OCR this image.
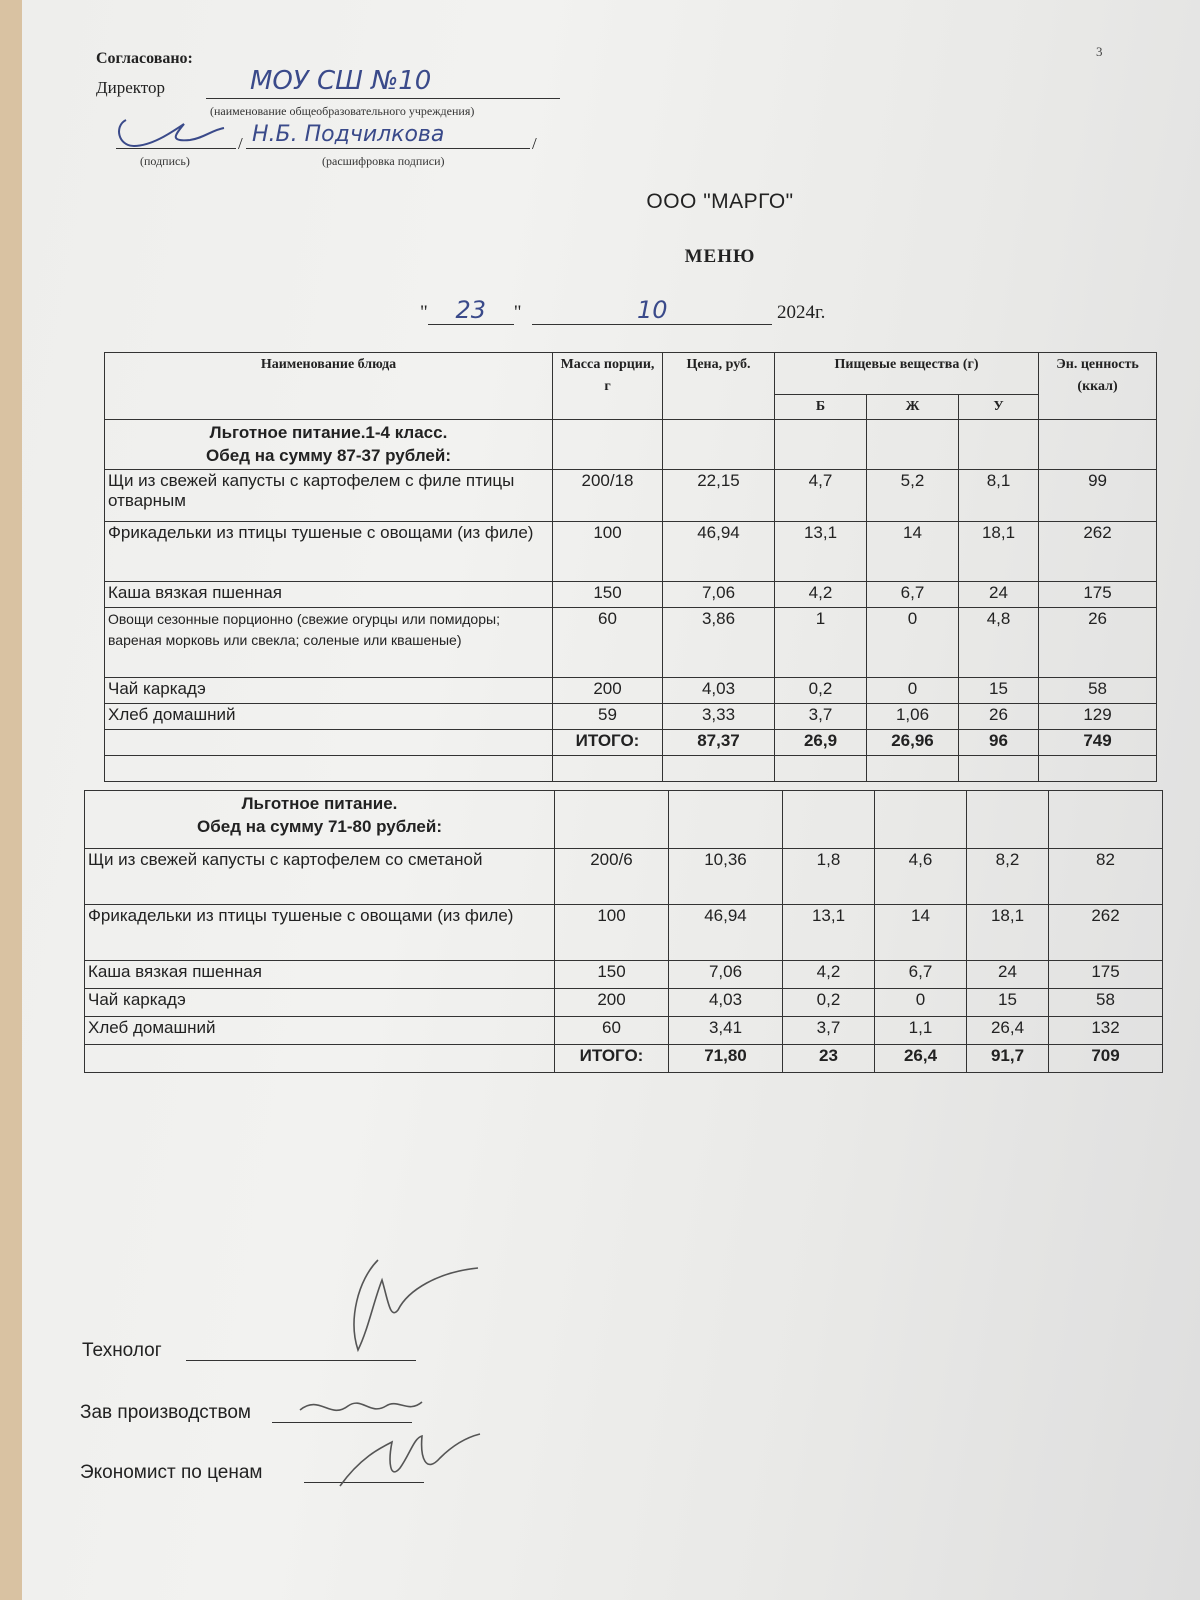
3
Согласовано:
Директор	МОУ СШ №10
(наименование общеобразовательного учреждения)
/ Н.Б. Подчилкова	/
(подпись)	(расшифровка подписи)
ООО "МАРГО"
МЕНЮ
" 23 "	10	2024г.
Наименование блюда	Масса порции, г	Цена, руб.	Пищевые вещества (г)			Эн. ценность (ккал)
			Б	Ж	У	

Льготное питание.1-4 класс.
Обед на сумму 87-37 рублей:						

Щи из свежей капусты с картофелем с филе птицы отварным	200/18	22,15	4,7	5,2	8,1	99
Фрикадельки из птицы тушеные с овощами (из филе)	100	46,94	13,1	14	18,1	262
Каша вязкая пшенная	150	7,06	4,2	6,7	24	175
Овощи сезонные порционно (свежие огурцы или помидоры; вареная морковь или свекла; соленые или квашеные)	60	3,86	1	0	4,8	26
Чай каркадэ	200	4,03	0,2	0	15	58
Хлеб домашний	59	3,33	3,7	1,06	26	129
	ИТОГО:	87,37	26,9	26,96	96	749

Льготное питание.
Обед на сумму 71-80 рублей:						

Щи из свежей капусты с картофелем со сметаной	200/6	10,36	1,8	4,6	8,2	82
Фрикадельки из птицы тушеные с овощами (из филе)	100	46,94	13,1	14	18,1	262
Каша вязкая пшенная	150	7,06	4,2	6,7	24	175
Чай каркадэ	200	4,03	0,2	0	15	58
Хлеб домашний	60	3,41	3,7	1,1	26,4	132
	ИТОГО:	71,80	23	26,4	91,7	709
Технолог
Зав производством
Экономист по ценам
